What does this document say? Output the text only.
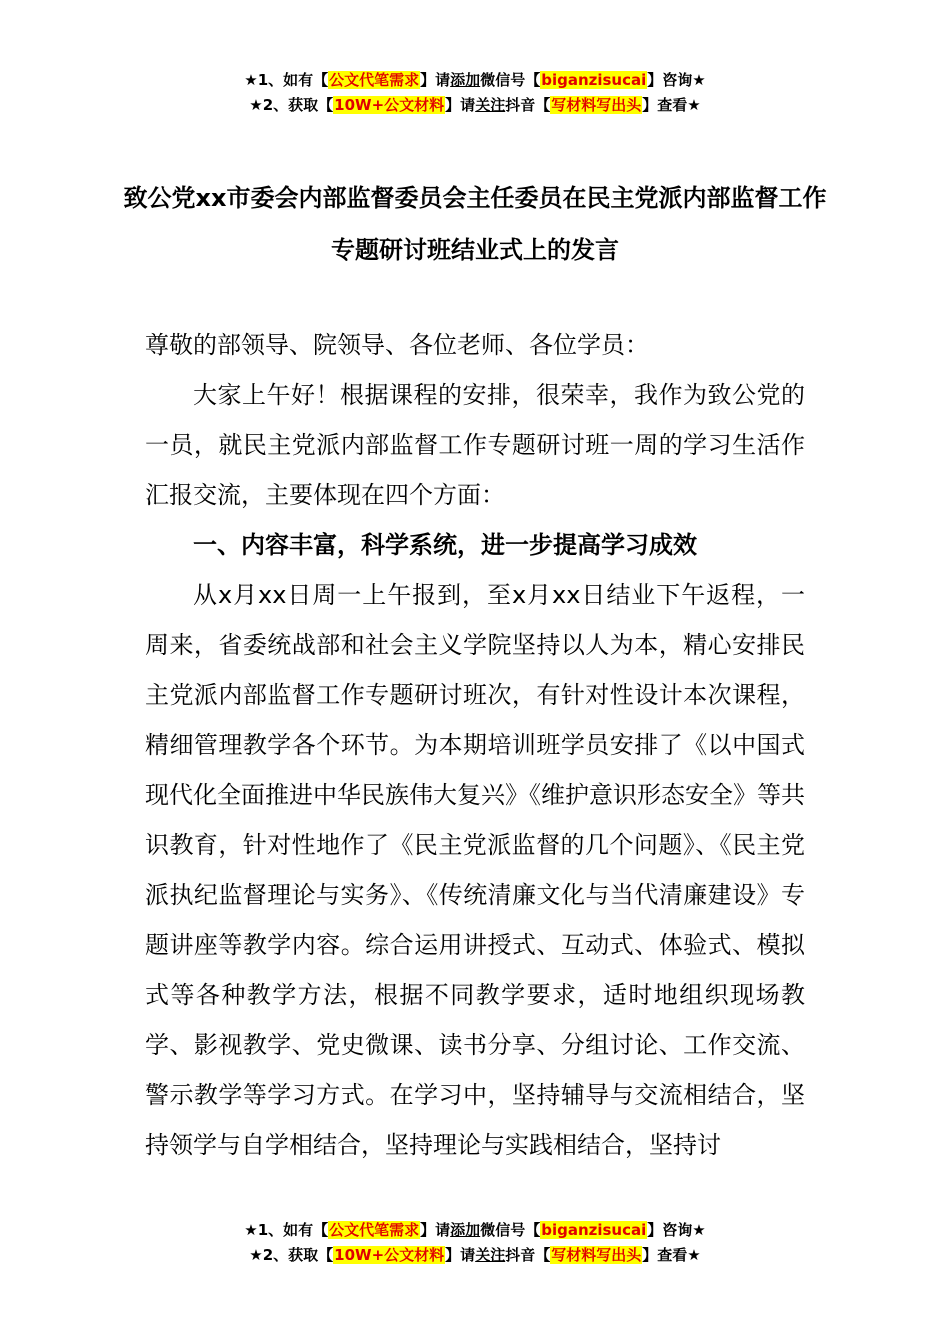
★1、如有【公文代笔需求】请添加微信号【biganzisucai】咨询★
★2、获取【10W+公文材料】请关注抖音【写材料写出头】查看★
致公党xx市委会内部监督委员会主任委员在民主党派内部监督工作专题研讨班结业式上的发言

尊敬的部领导、院领导、各位老师、各位学员：

大家上午好！根据课程的安排，很荣幸，我作为致公党的一员，就民主党派内部监督工作专题研讨班一周的学习生活作汇报交流，主要体现在四个方面：

一、内容丰富，科学系统，进一步提高学习成效

从x月xx日周一上午报到，至x月xx日结业下午返程，一周来，省委统战部和社会主义学院坚持以人为本，精心安排民主党派内部监督工作专题研讨班次，有针对性设计本次课程，精细管理教学各个环节。为本期培训班学员安排了《以中国式现代化全面推进中华民族伟大复兴》《维护意识形态安全》等共识教育，针对性地作了《民主党派监督的几个问题》、《民主党派执纪监督理论与实务》、《传统清廉文化与当代清廉建设》专题讲座等教学内容。综合运用讲授式、互动式、体验式、模拟式等各种教学方法，根据不同教学要求，适时地组织现场教学、影视教学、党史微课、读书分享、分组讨论、工作交流、警示教学等学习方式。在学习中，坚持辅导与交流相结合，坚持领学与自学相结合，坚持理论与实践相结合，坚持讨

★1、如有【公文代笔需求】请添加微信号【biganzisucai】咨询★
★2、获取【10W+公文材料】请关注抖音【写材料写出头】查看★
